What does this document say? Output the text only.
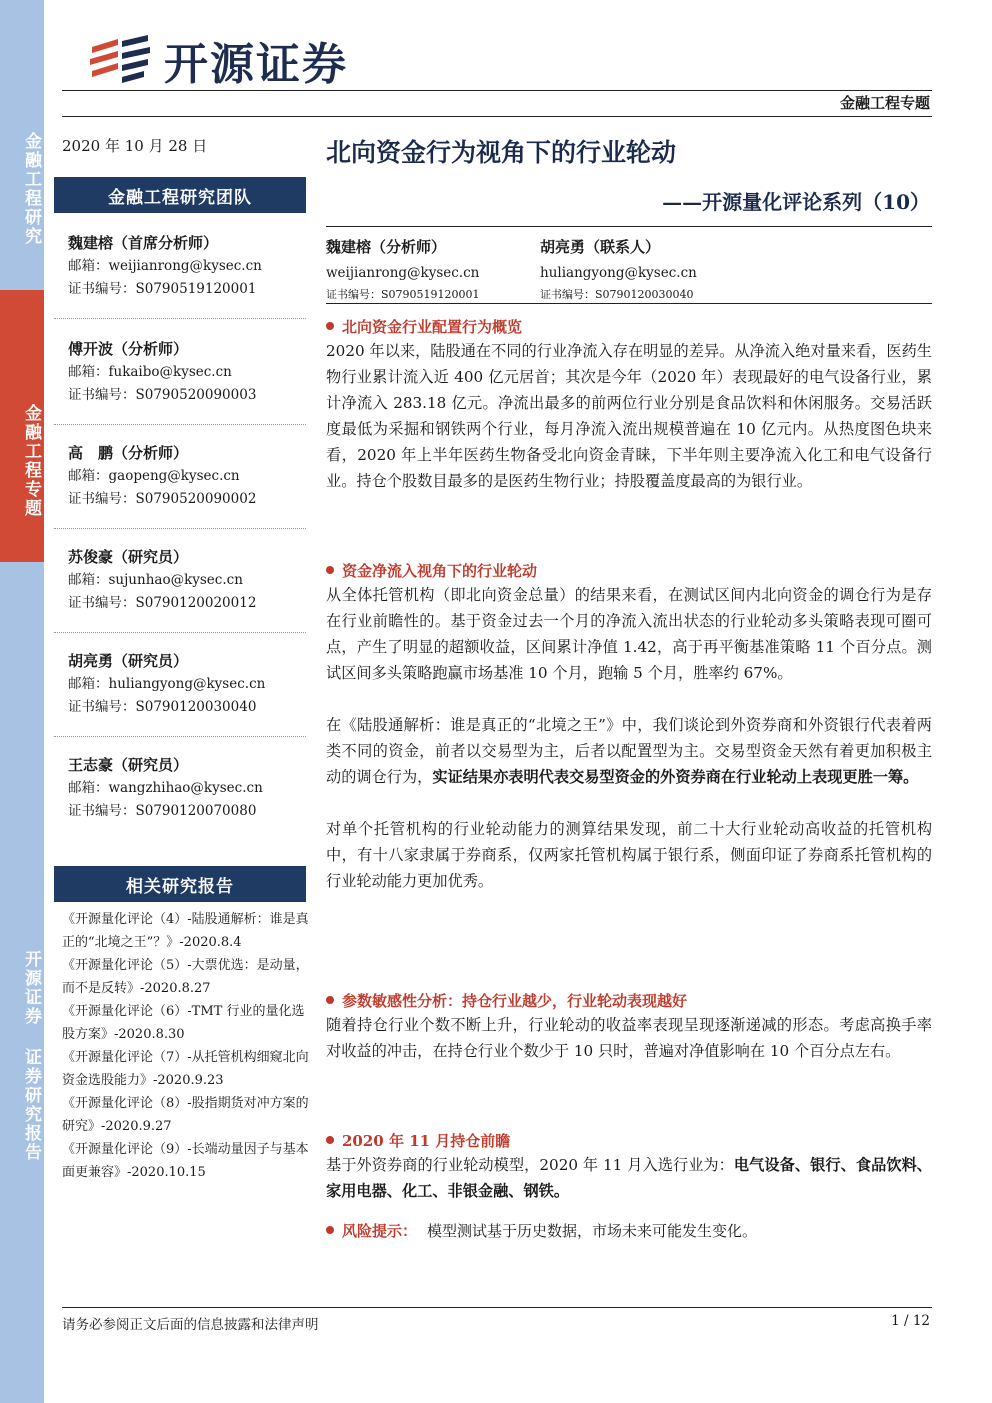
金融工程研究
金融工程专题
开源证券 证券研究报告
开源证券
金融工程专题
2020 年 10 月 28 日
金融工程研究团队
魏建榕（首席分析师）
邮箱：weijianrong@kysec.cn
证书编号：S0790519120001
傅开波（分析师）
邮箱：fukaibo@kysec.cn
证书编号：S0790520090003
高　鹏（分析师）
邮箱：gaopeng@kysec.cn
证书编号：S0790520090002
苏俊豪（研究员）
邮箱：sujunhao@kysec.cn
证书编号：S0790120020012
胡亮勇（研究员）
邮箱：huliangyong@kysec.cn
证书编号：S0790120030040
王志豪（研究员）
邮箱：wangzhihao@kysec.cn
证书编号：S0790120070080
相关研究报告

《开源量化评论（4）-陆股通解析：谁是真正的“北境之王”？》-2020.8.4

《开源量化评论（5）-大票优选：是动量，而不是反转》-2020.8.27

《开源量化评论（6）-TMT 行业的量化选股方案》-2020.8.30

《开源量化评论（7）-从托管机构细窥北向资金选股能力》-2020.9.23

《开源量化评论（8）-股指期货对冲方案的研究》-2020.9.27

《开源量化评论（9）-长端动量因子与基本面更兼容》-2020.10.15

北向资金行为视角下的行业轮动
——开源量化评论系列（10）
魏建榕（分析师）
weijianrong@kysec.cn
证书编号：S0790519120001
胡亮勇（联系人）
huliangyong@kysec.cn
证书编号：S0790120030040
北向资金行业配置行为概览

2020 年以来，陆股通在不同的行业净流入存在明显的差异。从净流入绝对量来看，医药生物行业累计流入近 400 亿元居首；其次是今年（2020 年）表现最好的电气设备行业，累计净流入 283.18 亿元。净流出最多的前两位行业分别是食品饮料和休闲服务。交易活跃度最低为采掘和钢铁两个行业，每月净流入流出规模普遍在 10 亿元内。从热度图色块来看，2020 年上半年医药生物备受北向资金青睐，下半年则主要净流入化工和电气设备行业。持仓个股数目最多的是医药生物行业；持股覆盖度最高的为银行业。

资金净流入视角下的行业轮动

从全体托管机构（即北向资金总量）的结果来看，在测试区间内北向资金的调仓行为是存在行业前瞻性的。基于资金过去一个月的净流入流出状态的行业轮动多头策略表现可圈可点，产生了明显的超额收益，区间累计净值 1.42，高于再平衡基准策略 11 个百分点。测试区间多头策略跑赢市场基准 10 个月，跑输 5 个月，胜率约 67%。

在《陆股通解析：谁是真正的“北境之王”》中，我们谈论到外资券商和外资银行代表着两类不同的资金，前者以交易型为主，后者以配置型为主。交易型资金天然有着更加积极主动的调仓行为，实证结果亦表明代表交易型资金的外资券商在行业轮动上表现更胜一筹。

对单个托管机构的行业轮动能力的测算结果发现，前二十大行业轮动高收益的托管机构中，有十八家隶属于券商系，仅两家托管机构属于银行系，侧面印证了券商系托管机构的行业轮动能力更加优秀。

参数敏感性分析：持仓行业越少，行业轮动表现越好

随着持仓行业个数不断上升，行业轮动的收益率表现呈现逐渐递减的形态。考虑高换手率对收益的冲击，在持仓行业个数少于 10 只时，普遍对净值影响在 10 个百分点左右。

2020 年 11 月持仓前瞻

基于外资券商的行业轮动模型，2020 年 11 月入选行业为：电气设备、银行、食品饮料、家用电器、化工、非银金融、钢铁。

风险提示： 模型测试基于历史数据，市场未来可能发生变化。
请务必参阅正文后面的信息披露和法律声明	1 / 12
